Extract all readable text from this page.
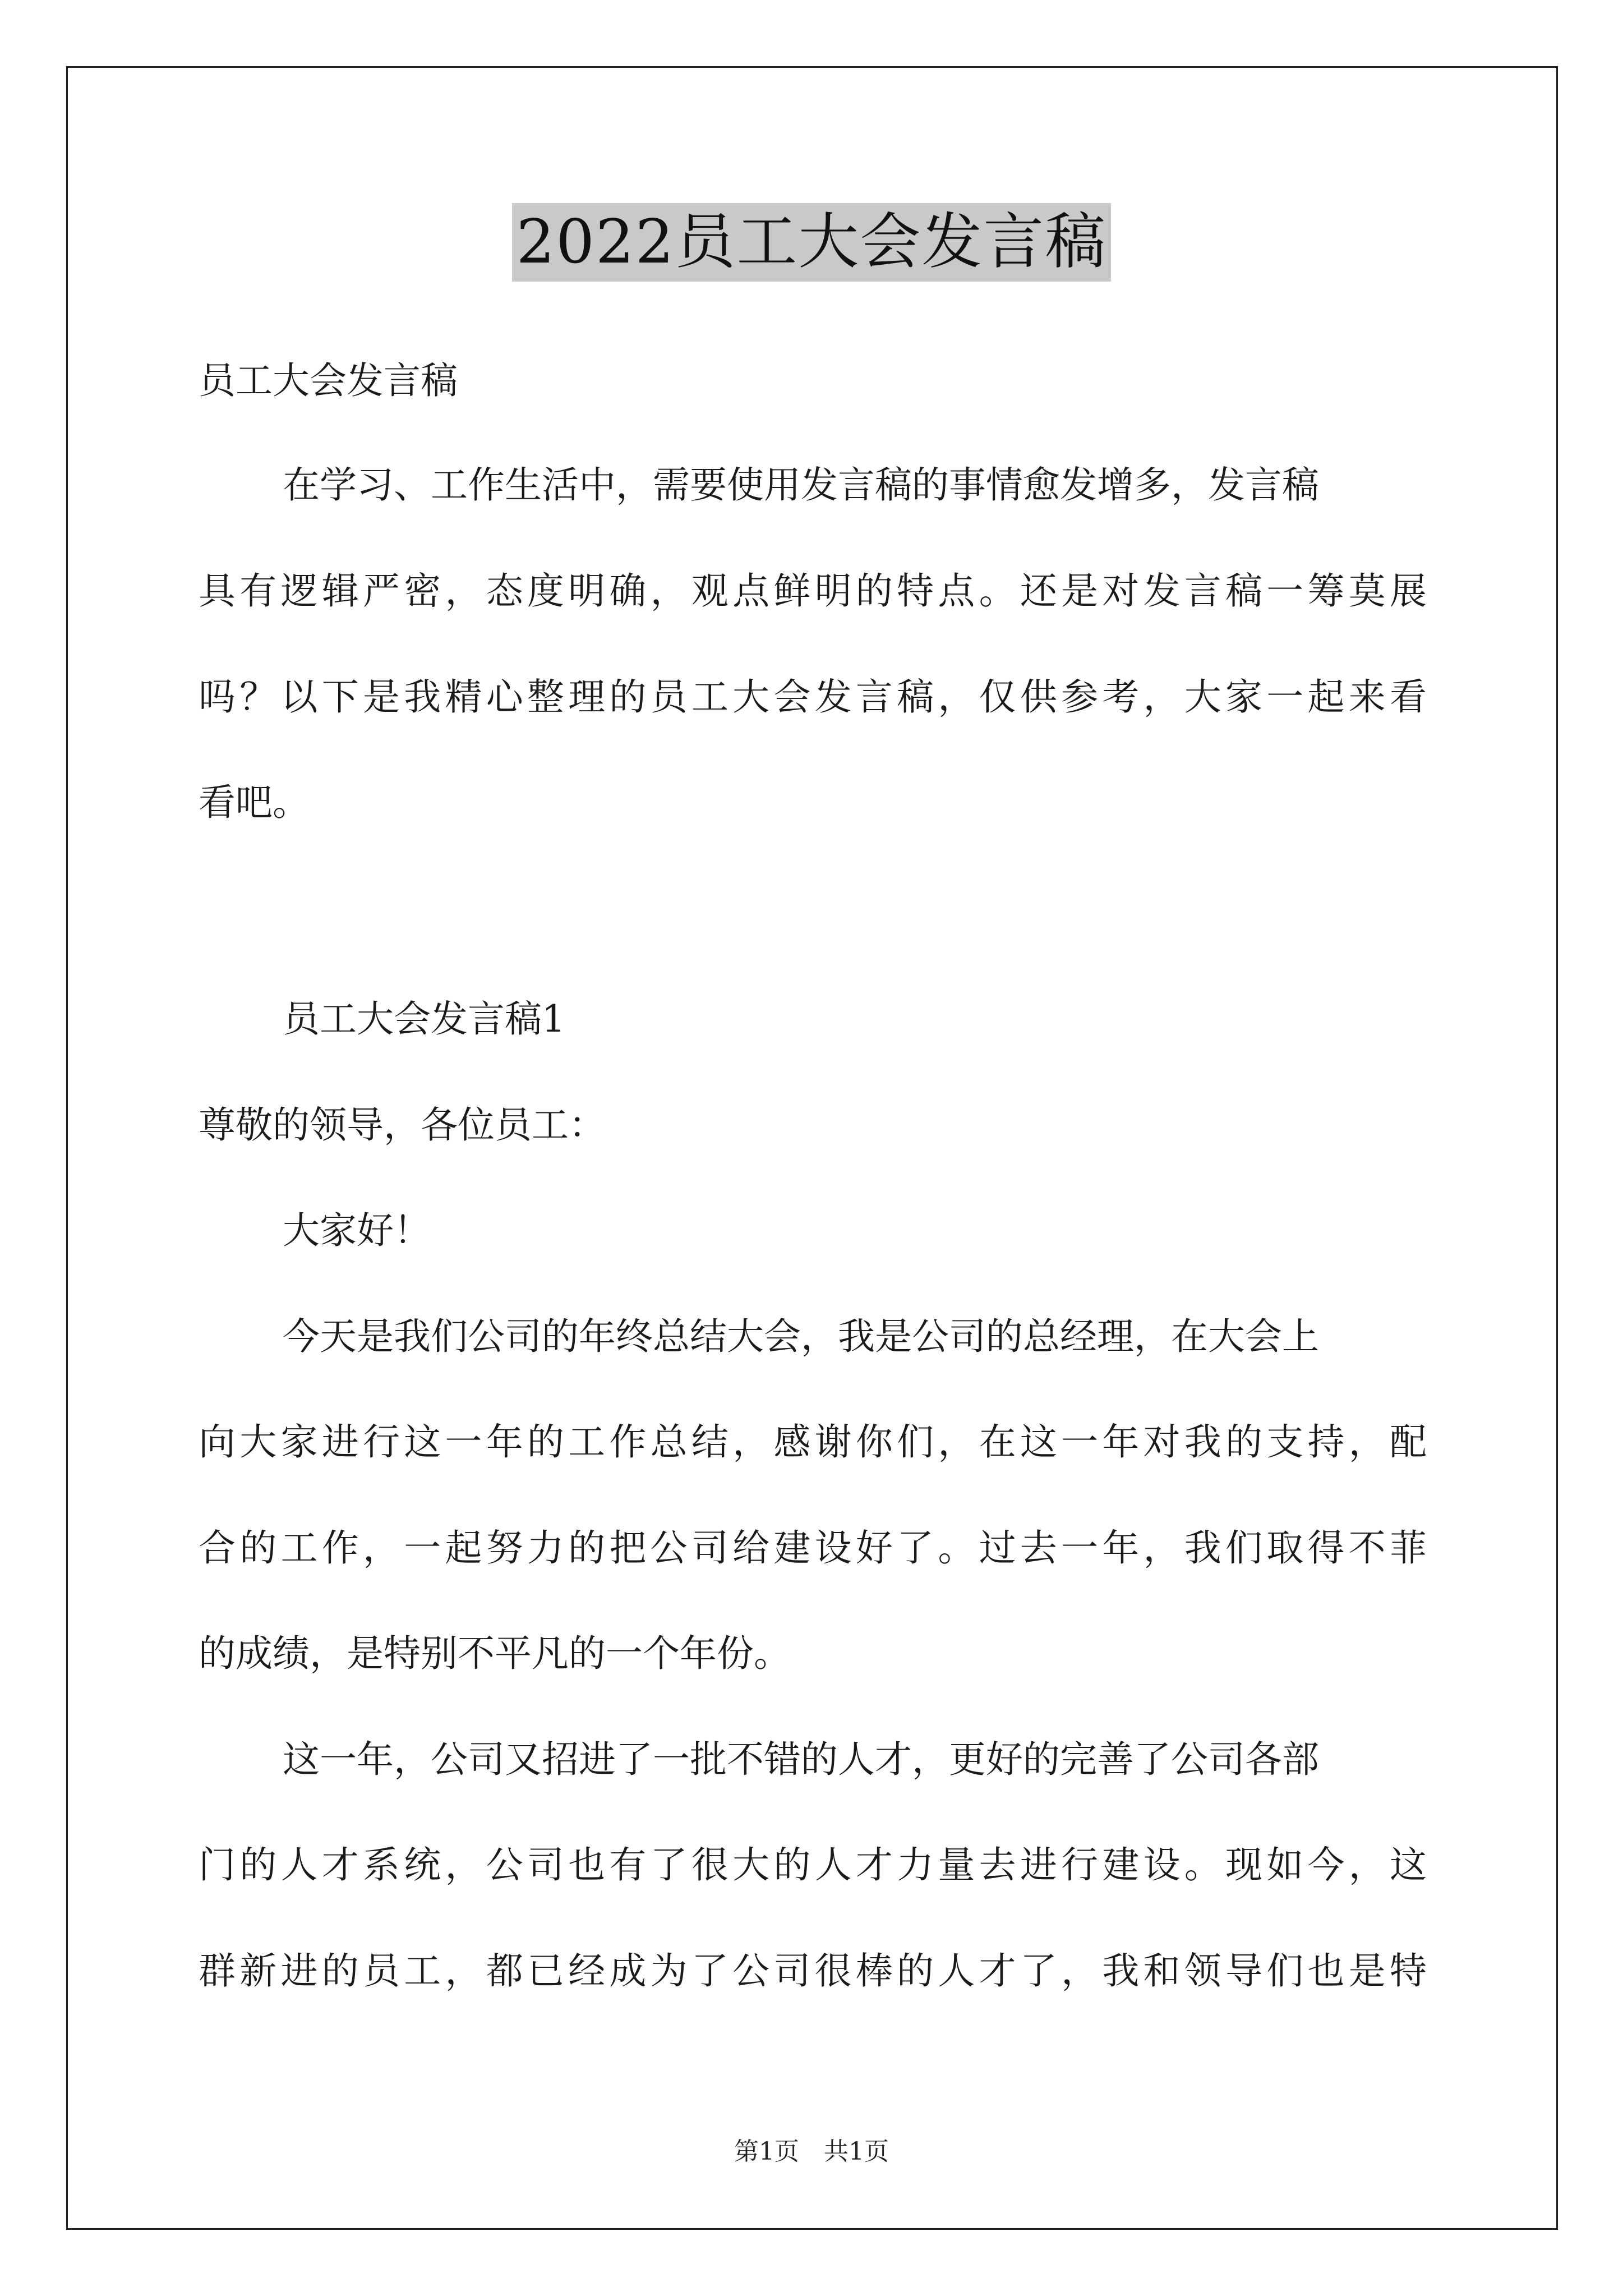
2022员工大会发言稿
员工大会发言稿
在学习、工作生活中，需要使用发言稿的事情愈发增多，发言稿
具有逻辑严密，态度明确，观点鲜明的特点。还是对发言稿一筹莫展
吗？以下是我精心整理的员工大会发言稿，仅供参考，大家一起来看
看吧。
员工大会发言稿1
尊敬的领导，各位员工：
大家好！
今天是我们公司的年终总结大会，我是公司的总经理，在大会上
向大家进行这一年的工作总结，感谢你们，在这一年对我的支持，配
合的工作，一起努力的把公司给建设好了。过去一年，我们取得不菲
的成绩，是特别不平凡的一个年份。
这一年，公司又招进了一批不错的人才，更好的完善了公司各部
门的人才系统，公司也有了很大的人才力量去进行建设。现如今，这
群新进的员工，都已经成为了公司很棒的人才了，我和领导们也是特
第1页　共1页
